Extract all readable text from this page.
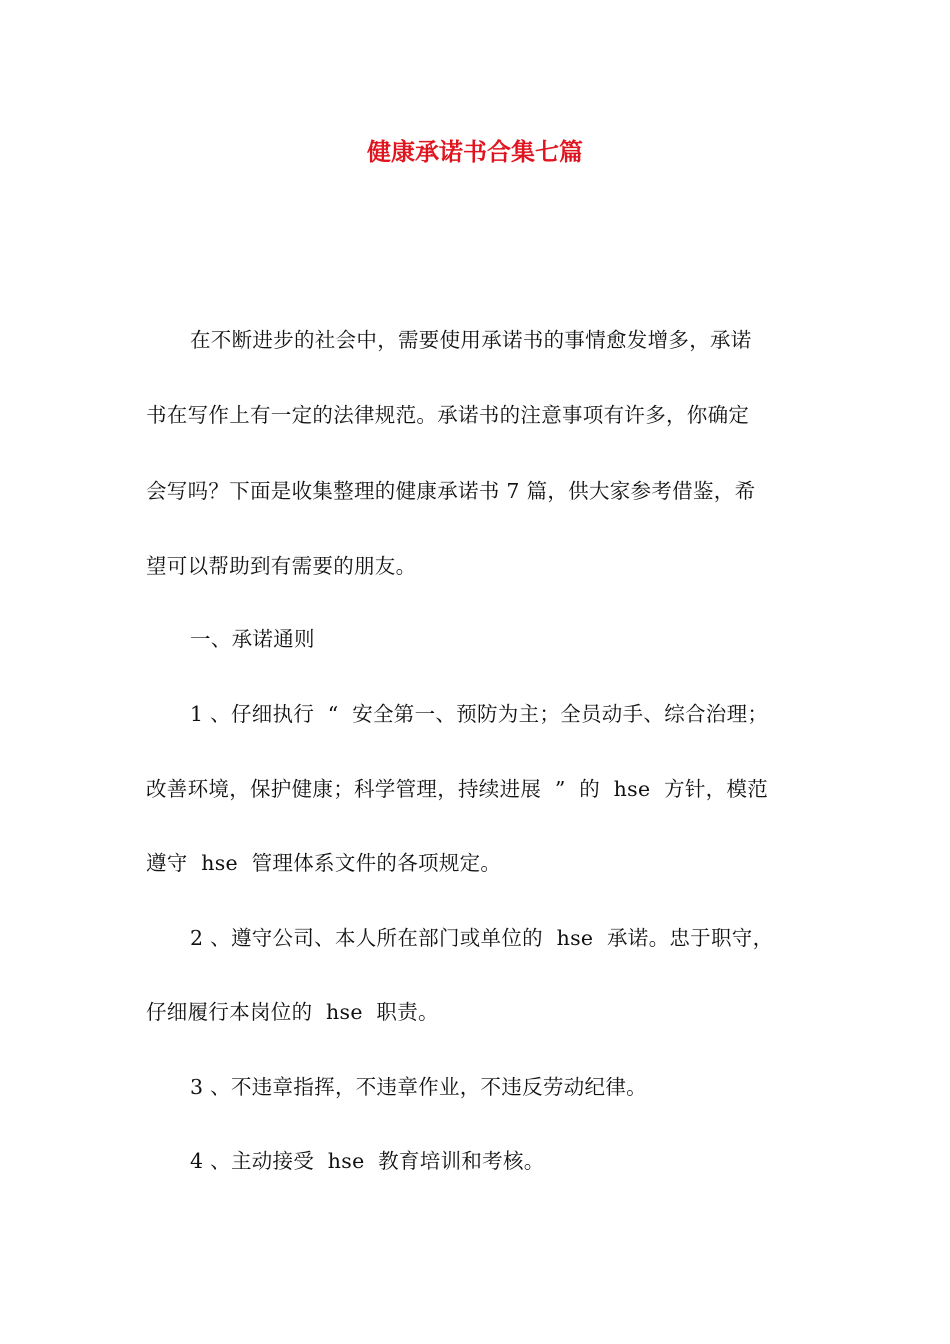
健康承诺书合集七篇
在不断进步的社会中，需要使用承诺书的事情愈发增多，承诺
书在写作上有一定的法律规范。承诺书的注意事项有许多，你确定
会写吗？下面是收集整理的健康承诺书 7 篇，供大家参考借鉴，希
望可以帮助到有需要的朋友。
一、承诺通则
1 、仔细执行  “  安全第一、预防为主；全员动手、综合治理；
改善环境，保护健康；科学管理，持续进展  ”  的  hse  方针，模范
遵守  hse  管理体系文件的各项规定。
2 、遵守公司、本人所在部门或单位的  hse  承诺。忠于职守，
仔细履行本岗位的  hse  职责。
3 、不违章指挥，不违章作业，不违反劳动纪律。
4 、主动接受  hse  教育培训和考核。
